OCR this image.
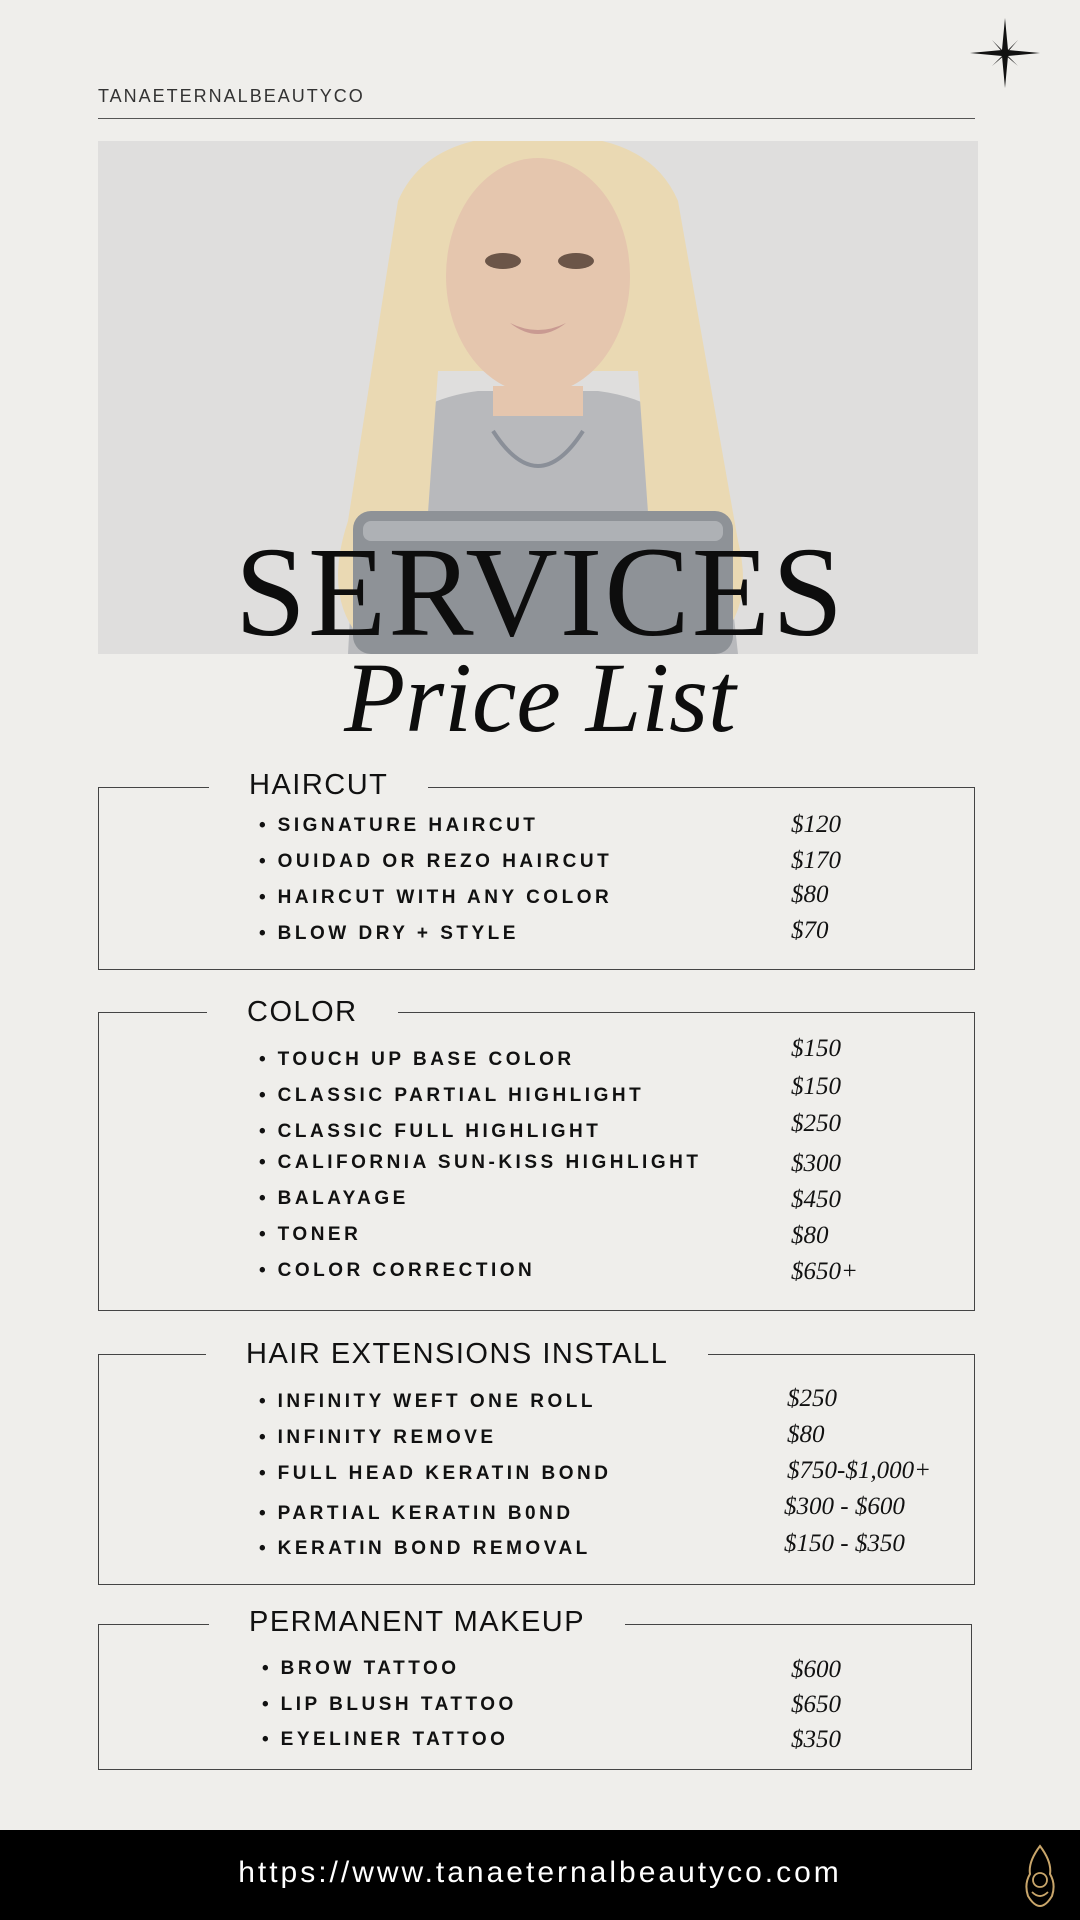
TANAETERNALBEAUTYCO
SERVICES
Price List
HAIRCUT
• SIGNATURE HAIRCUT	$120
• OUIDAD OR REZO HAIRCUT	$170
• HAIRCUT WITH ANY COLOR	$80
• BLOW DRY + STYLE	$70
COLOR
• TOUCH UP BASE COLOR	$150
• CLASSIC PARTIAL HIGHLIGHT	$150
• CLASSIC FULL HIGHLIGHT	$250
• CALIFORNIA SUN-KISS HIGHLIGHT	$300
• BALAYAGE	$450
• TONER	$80
• COLOR CORRECTION	$650+
HAIR EXTENSIONS INSTALL
• INFINITY WEFT ONE ROLL	$250
• INFINITY REMOVE	$80
• FULL HEAD KERATIN BOND	$750-$1,000+
• PARTIAL KERATIN B0ND	$300 - $600
• KERATIN BOND REMOVAL	$150 - $350
PERMANENT MAKEUP
• BROW TATTOO	$600
• LIP BLUSH TATTOO	$650
• EYELINER TATTOO	$350
https://www.tanaeternalbeautyco.com
